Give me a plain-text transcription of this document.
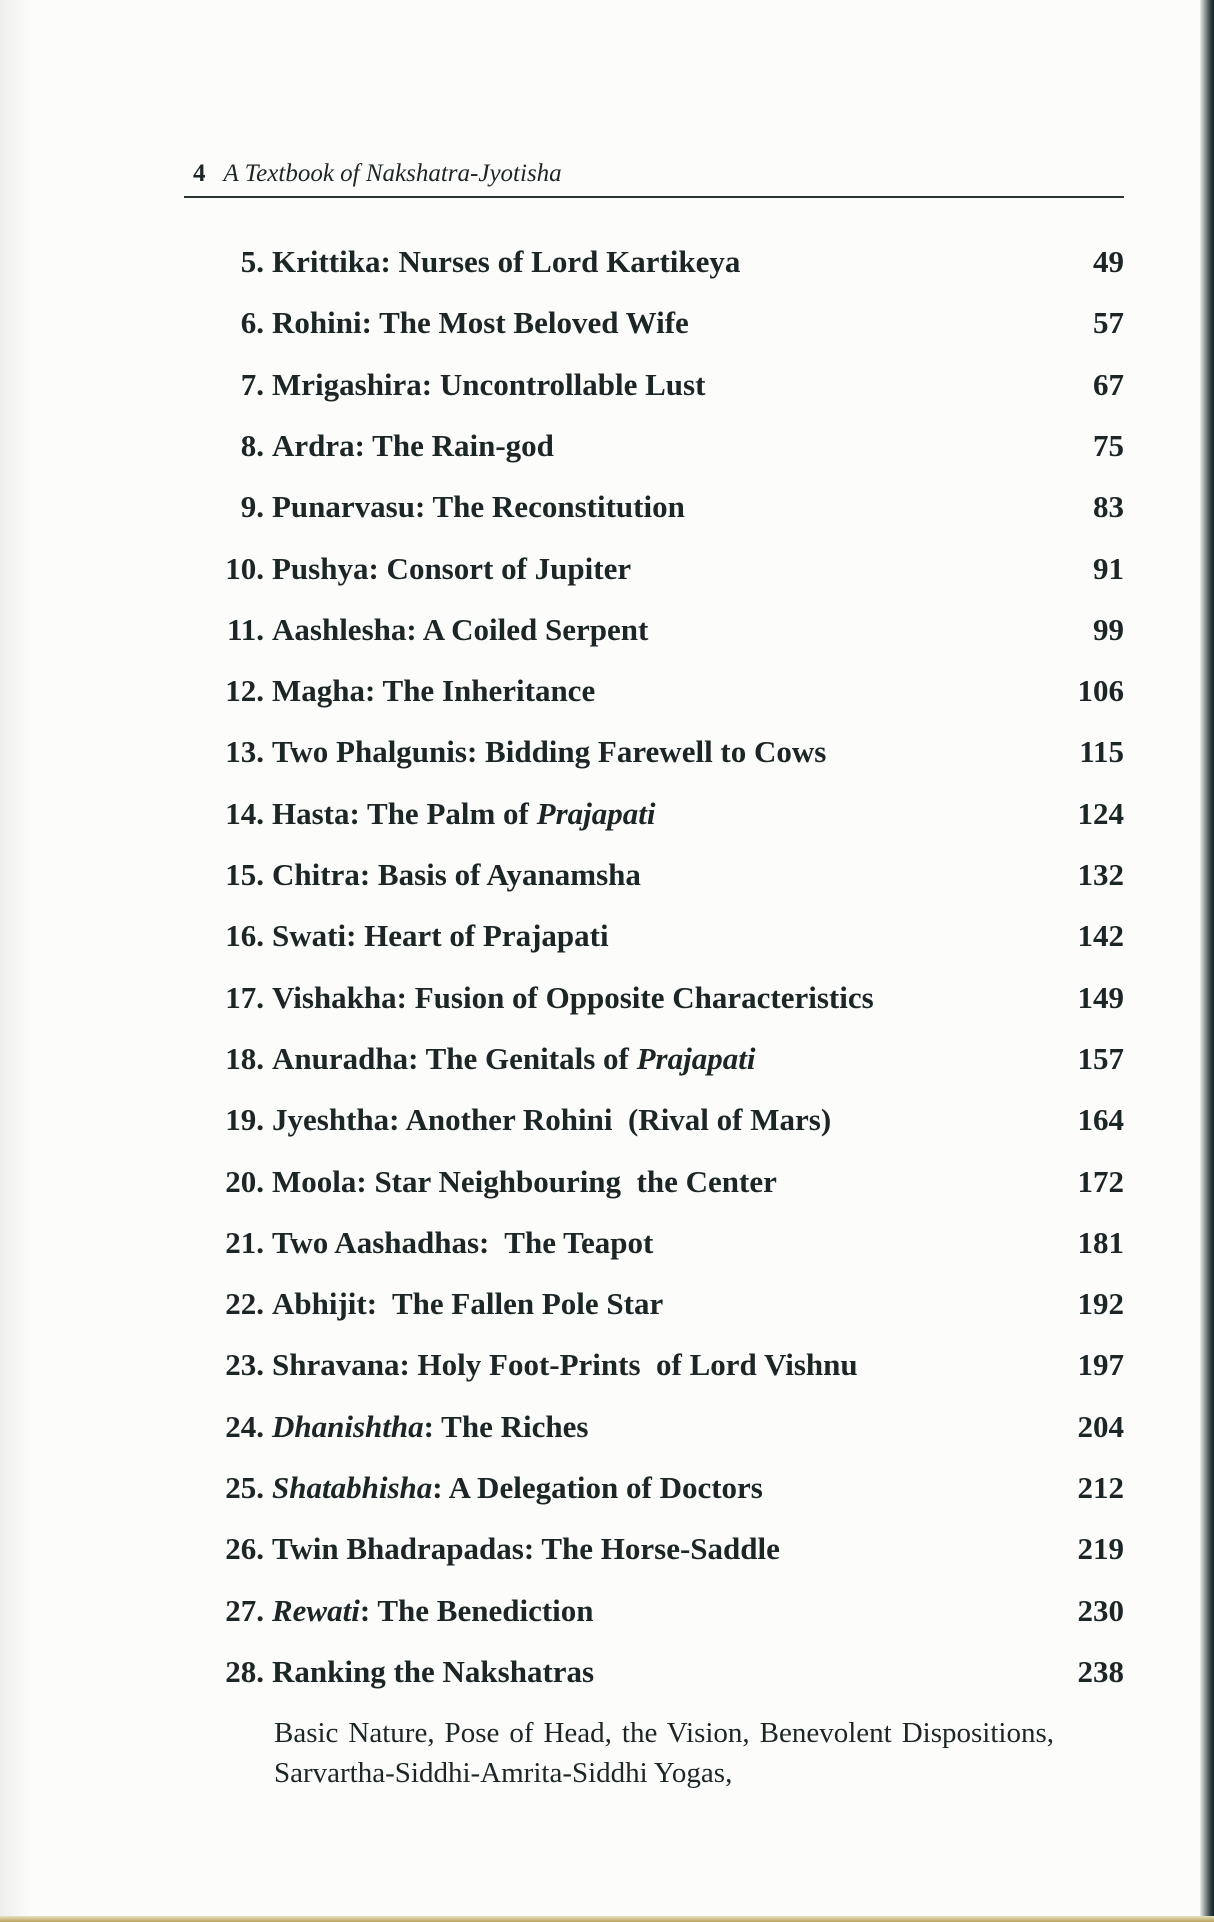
4 A Textbook of Nakshatra-Jyotisha
5. Krittika: Nurses of Lord Kartikeya	49
6. Rohini: The Most Beloved Wife	57
7. Mrigashira: Uncontrollable Lust	67
8. Ardra: The Rain-god	75
9. Punarvasu: The Reconstitution	83
10. Pushya: Consort of Jupiter	91
11. Aashlesha: A Coiled Serpent	99
12. Magha: The Inheritance	106
13. Two Phalgunis: Bidding Farewell to Cows	115
14. Hasta: The Palm of Prajapati	124
15. Chitra: Basis of Ayanamsha	132
16. Swati: Heart of Prajapati	142
17. Vishakha: Fusion of Opposite Characteristics	149
18. Anuradha: The Genitals of Prajapati	157
19. Jyeshtha: Another Rohini  (Rival of Mars)	164
20. Moola: Star Neighbouring  the Center	172
21. Two Aashadhas:  The Teapot	181
22. Abhijit:  The Fallen Pole Star	192
23. Shravana: Holy Foot-Prints  of Lord Vishnu	197
24. Dhanishtha: The Riches	204
25. Shatabhisha: A Delegation of Doctors	212
26. Twin Bhadrapadas: The Horse-Saddle	219
27. Rewati: The Benediction	230
28. Ranking the Nakshatras	238
Basic Nature, Pose of Head, the Vision, Benevolent Dispositions, Sarvartha-Siddhi-Amrita-Siddhi Yogas,
